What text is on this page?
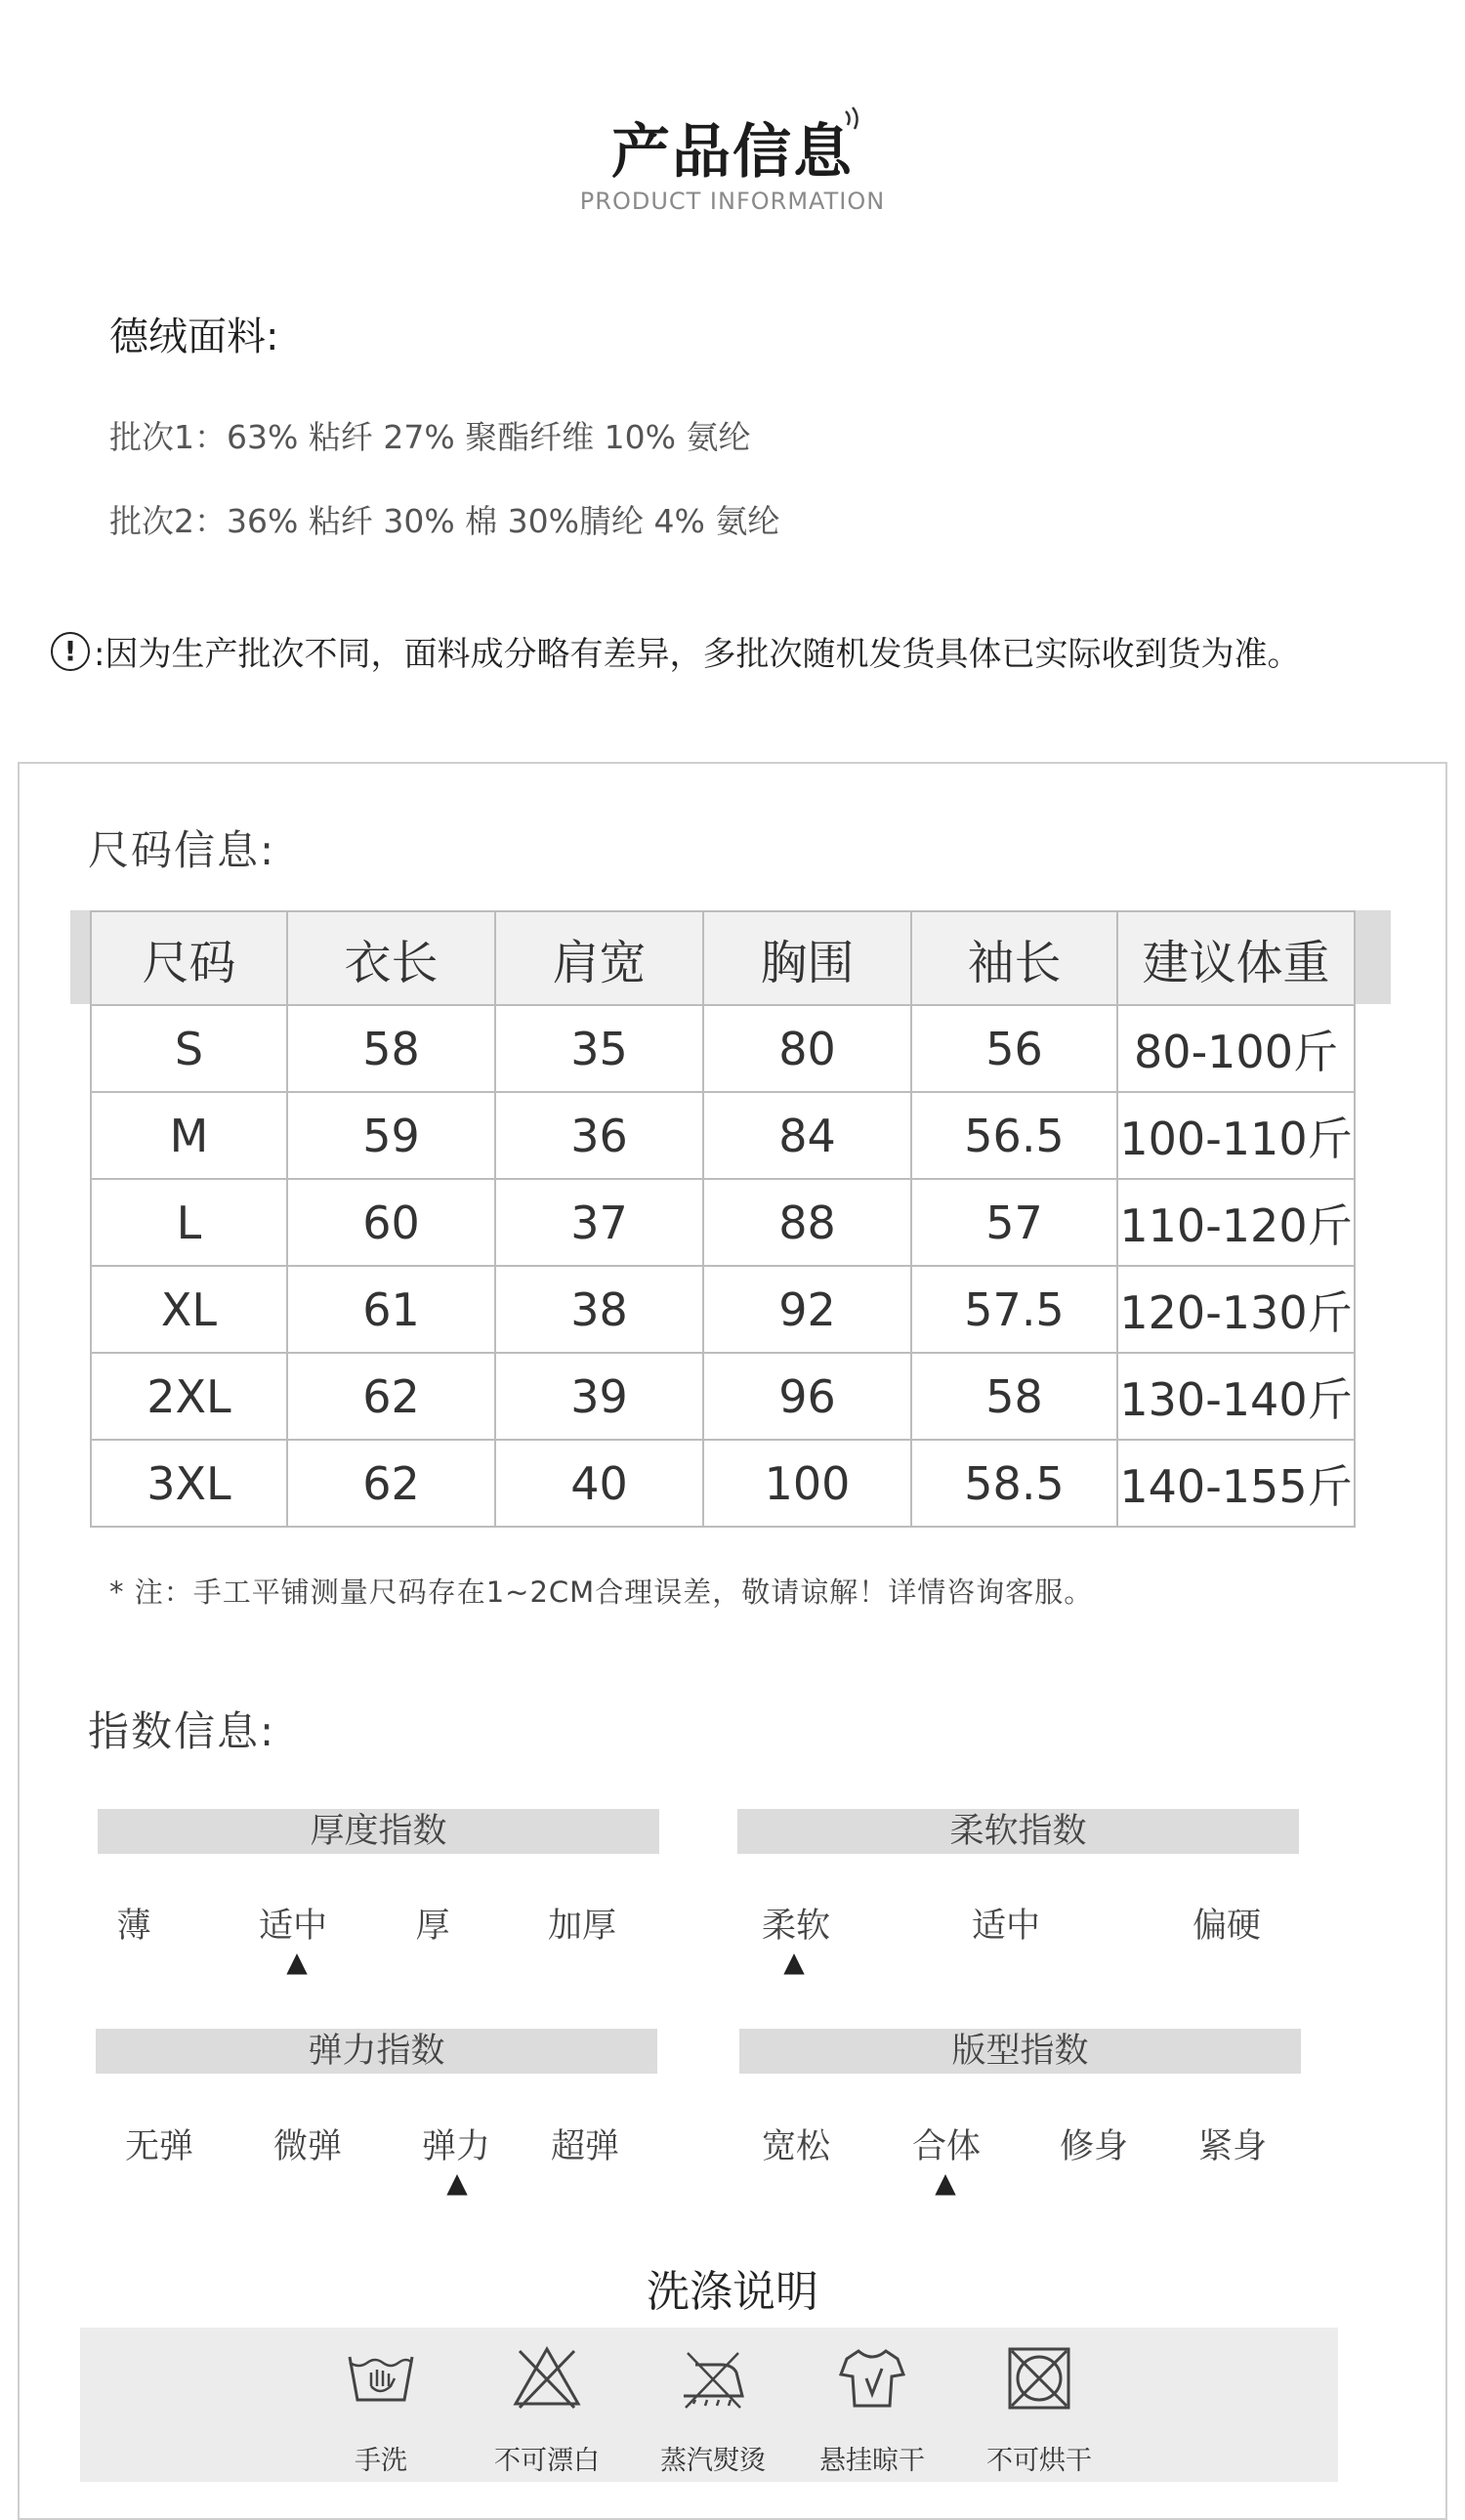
产品信息
PRODUCT INFORMATION
德绒面料:
批次1：63% 粘纤 27% 聚酯纤维 10% 氨纶
批次2：36% 粘纤 30% 棉 30%腈纶 4% 氨纶
! :因为生产批次不同，面料成分略有差异，多批次随机发货具体已实际收到货为准。
尺码信息:
尺码	衣长	肩宽	胸围	袖长	建议体重
S	58	35	80	56	80-100斤
M	59	36	84	56.5	100-110斤
L	60	37	88	57	110-120斤
XL	61	38	92	57.5	120-130斤
2XL	62	39	96	58	130-140斤
3XL	62	40	100	58.5	140-155斤
* 注：手工平铺测量尺码存在1~2CM合理误差，敬请谅解！详情咨询客服。
指数信息:
厚度指数
薄	适中	厚	加厚
▲
柔软指数
柔软	适中	偏硬
▲
弹力指数
无弹	微弹	弹力	超弹
▲
版型指数
宽松	合体	修身	紧身
▲
洗涤说明
手洗	不可漂白	蒸汽熨烫	悬挂晾干	不可烘干
